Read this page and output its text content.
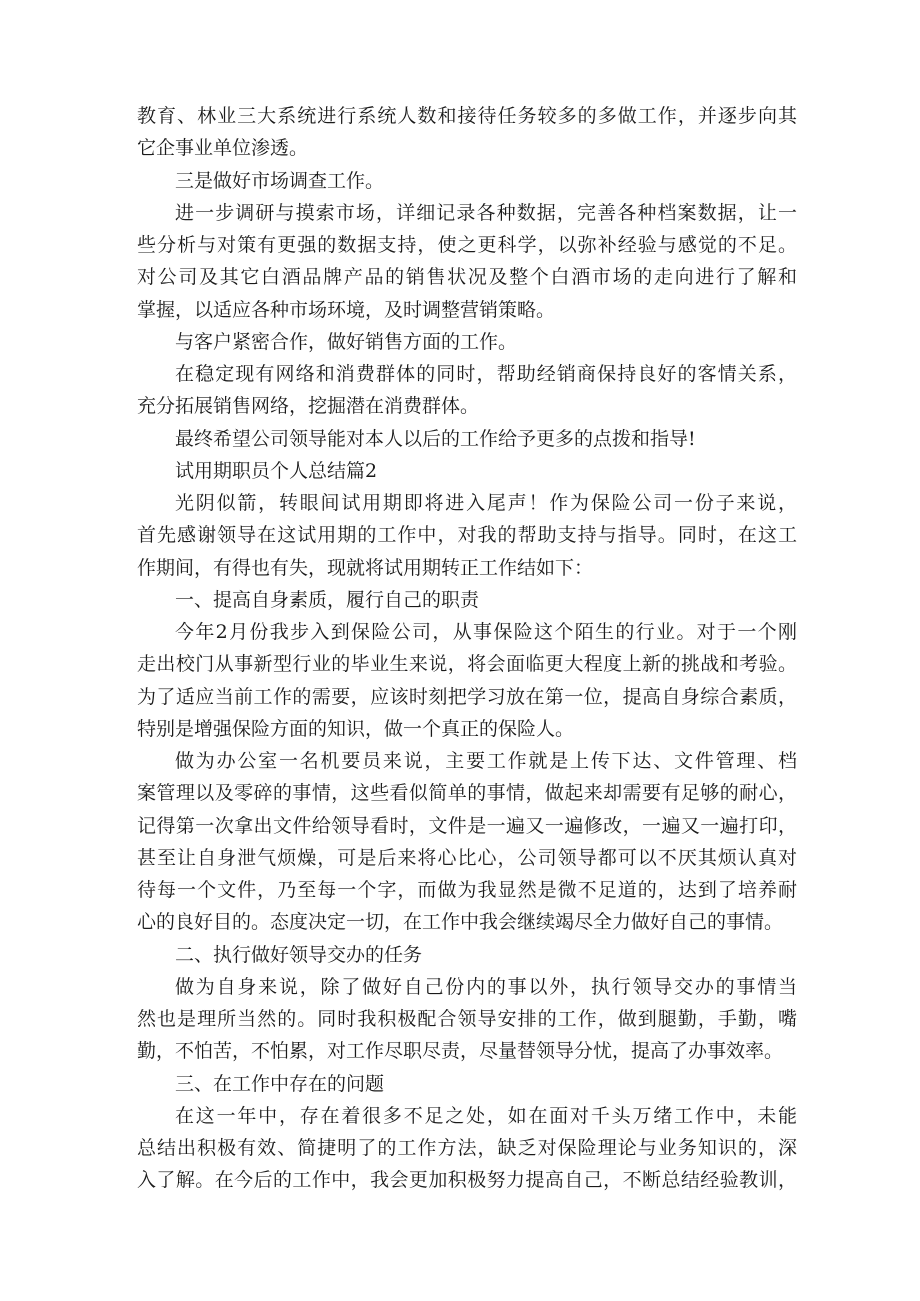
教育、林业三大系统进行系统人数和接待任务较多的多做工作，并逐步向其
它企事业单位渗透。
三是做好市场调查工作。
进一步调研与摸索市场，详细记录各种数据，完善各种档案数据，让一
些分析与对策有更强的数据支持，使之更科学，以弥补经验与感觉的不足。
对公司及其它白酒品牌产品的销售状况及整个白酒市场的走向进行了解和
掌握，以适应各种市场环境，及时调整营销策略。
与客户紧密合作，做好销售方面的工作。
在稳定现有网络和消费群体的同时，帮助经销商保持良好的客情关系，
充分拓展销售网络，挖掘潜在消费群体。
最终希望公司领导能对本人以后的工作给予更多的点拨和指导!
试用期职员个人总结篇2
光阴似箭，转眼间试用期即将进入尾声！作为保险公司一份子来说，
首先感谢领导在这试用期的工作中，对我的帮助支持与指导。同时，在这工
作期间，有得也有失，现就将试用期转正工作结如下：
一、提高自身素质，履行自己的职责
今年2月份我步入到保险公司，从事保险这个陌生的行业。对于一个刚
走出校门从事新型行业的毕业生来说，将会面临更大程度上新的挑战和考验。
为了适应当前工作的需要，应该时刻把学习放在第一位，提高自身综合素质，
特别是增强保险方面的知识，做一个真正的保险人。
做为办公室一名机要员来说，主要工作就是上传下达、文件管理、档
案管理以及零碎的事情，这些看似简单的事情，做起来却需要有足够的耐心，
记得第一次拿出文件给领导看时，文件是一遍又一遍修改，一遍又一遍打印，
甚至让自身泄气烦燥，可是后来将心比心，公司领导都可以不厌其烦认真对
待每一个文件，乃至每一个字，而做为我显然是微不足道的，达到了培养耐
心的良好目的。态度决定一切，在工作中我会继续竭尽全力做好自己的事情。
二、执行做好领导交办的任务
做为自身来说，除了做好自己份内的事以外，执行领导交办的事情当
然也是理所当然的。同时我积极配合领导安排的工作，做到腿勤，手勤，嘴
勤，不怕苦，不怕累，对工作尽职尽责，尽量替领导分忧，提高了办事效率。
三、在工作中存在的问题
在这一年中，存在着很多不足之处，如在面对千头万绪工作中，未能
总结出积极有效、简捷明了的工作方法，缺乏对保险理论与业务知识的，深
入了解。在今后的工作中，我会更加积极努力提高自己，不断总结经验教训，
